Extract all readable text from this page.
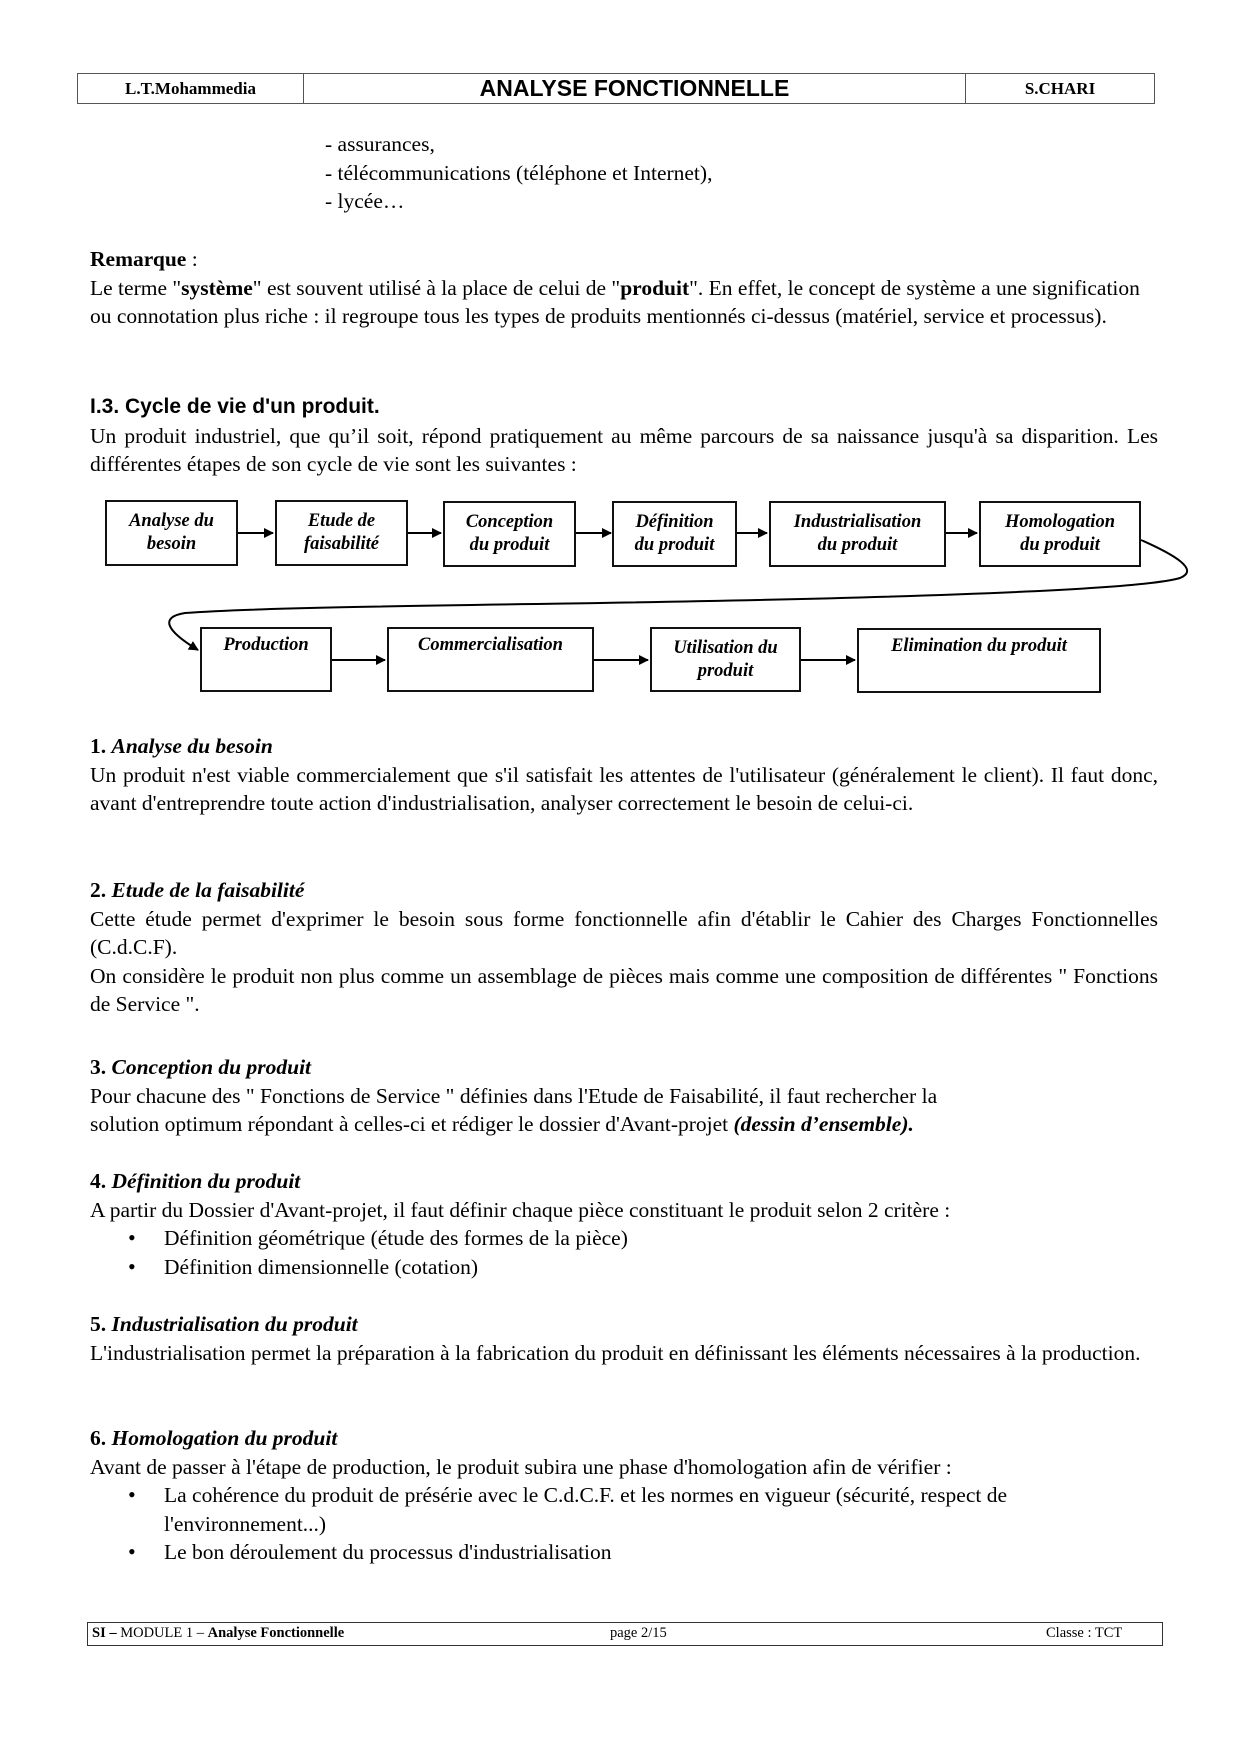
L.T.Mohammedia	ANALYSE FONCTIONNELLE	S.CHARI
- assurances,
- télécommunications (téléphone et Internet),
- lycée…
Remarque :
Le terme "système" est souvent utilisé à la place de celui de "produit". En effet, le concept de système a une signification ou connotation plus riche : il regroupe tous les types de produits mentionnés ci-dessus (matériel, service et processus).
I.3. Cycle de vie d'un produit.
Un produit industriel, que qu’il soit, répond pratiquement au même parcours de sa naissance jusqu'à sa disparition. Les différentes étapes de son cycle de vie sont les suivantes :
Analyse du
besoin
Etude de
faisabilité
Conception
du produit
Définition
du produit
Industrialisation
du produit
Homologation
du produit
Production	Commercialisation	Utilisation du
produit
Elimination du produit
1. Analyse du besoin
Un produit n'est viable commercialement que s'il satisfait les attentes de l'utilisateur (généralement le client). Il faut donc, avant d'entreprendre toute action d'industrialisation, analyser correctement le besoin de celui-ci.
2. Etude de la faisabilité
Cette étude permet d'exprimer le besoin sous forme fonctionnelle afin d'établir le Cahier des Charges Fonctionnelles (C.d.C.F).
On considère le produit non plus comme un assemblage de pièces mais comme une composition de différentes " Fonctions de Service ".
3. Conception du produit
Pour chacune des " Fonctions de Service " définies dans l'Etude de Faisabilité, il faut rechercher la
solution optimum répondant à celles-ci et rédiger le dossier d'Avant-projet (dessin d’ensemble).
4. Définition du produit
A partir du Dossier d'Avant-projet, il faut définir chaque pièce constituant le produit selon 2 critère :
• Définition géométrique (étude des formes de la pièce)
• Définition dimensionnelle (cotation)
5. Industrialisation du produit
L'industrialisation permet la préparation à la fabrication du produit en définissant les éléments nécessaires à la production.
6. Homologation du produit
Avant de passer à l'étape de production, le produit subira une phase d'homologation afin de vérifier :
• La cohérence du produit de présérie avec le C.d.C.F. et les normes en vigueur (sécurité, respect de l'environnement...)
• Le bon déroulement du processus d'industrialisation
SI – MODULE 1 – Analyse Fonctionnelle	page 2/15	Classe : TCT
